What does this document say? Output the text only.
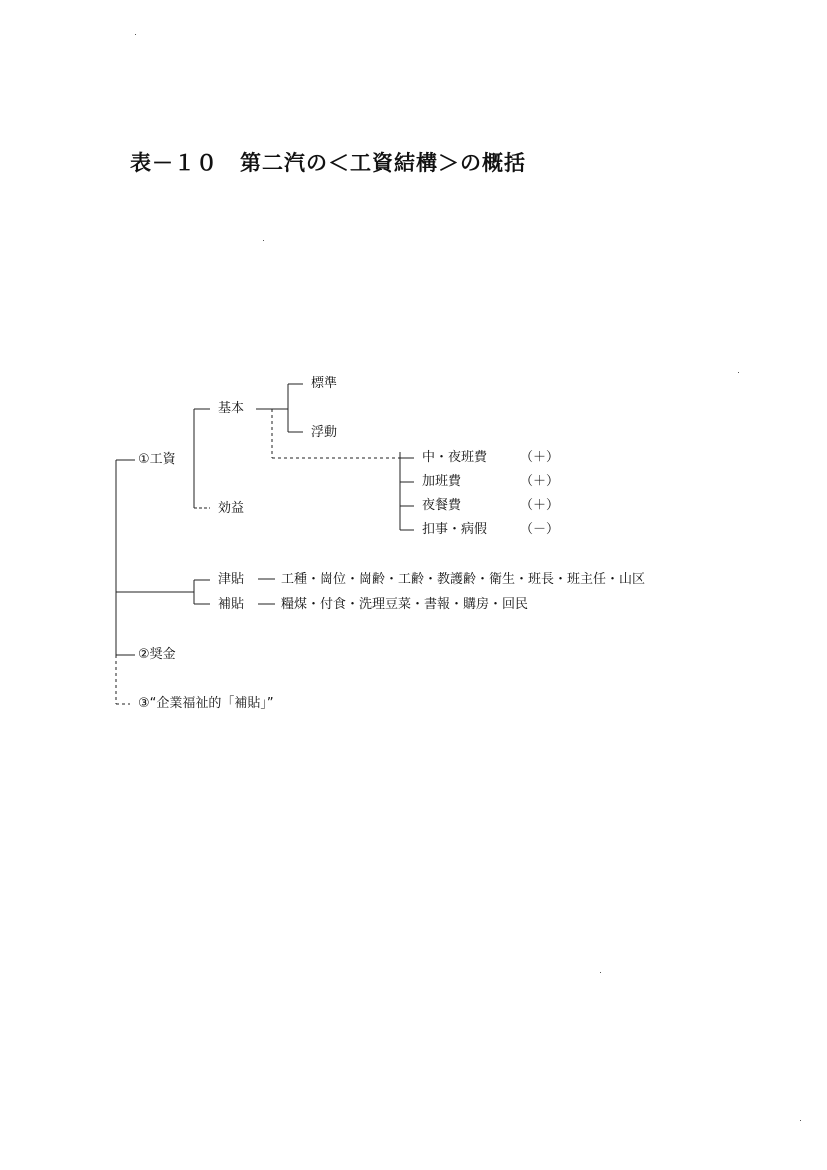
表－１０　第二汽の＜工資結構＞の概括
①工資
基本
標準
浮動
効益
中・夜班費
加班費
夜餐費
扣事・病假
（＋）
（＋）
（＋）
（－）
津貼	工種・崗位・崗齢・工齢・教護齢・衛生・班長・班主任・山区
補貼	糧煤・付食・洗理豆菜・書報・購房・回民
②奨金
③“企業福祉的「補貼」”
